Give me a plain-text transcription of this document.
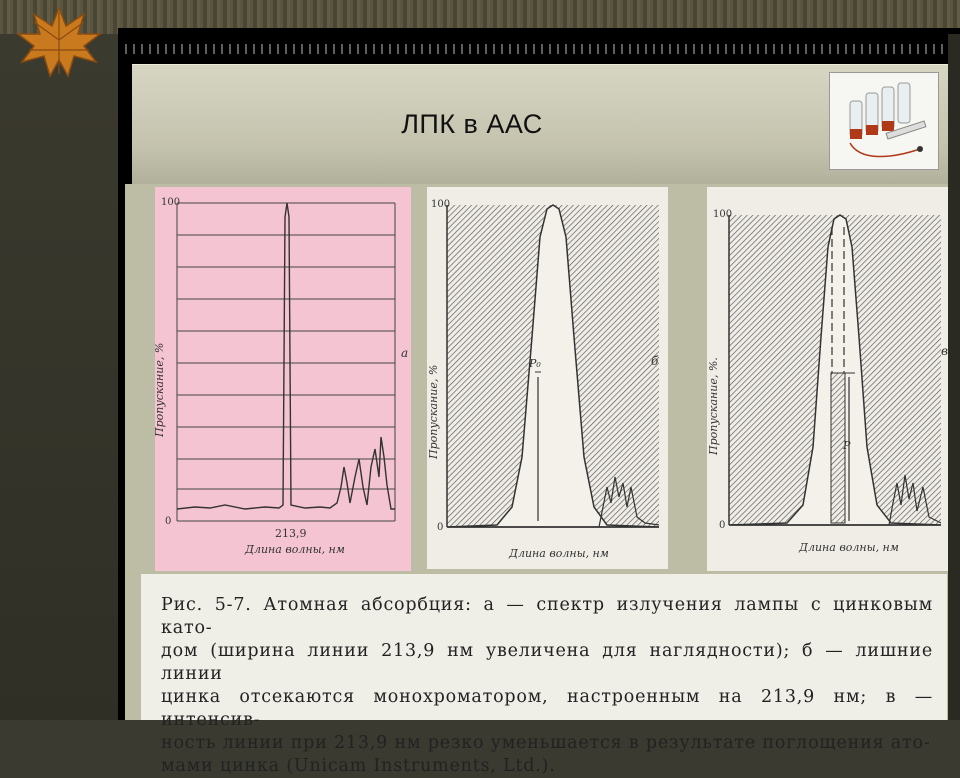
ЛПК в ААС
100
0
213,9
Длина волны, нм
Пропускание, %	а
100
0
P₀
Длина волны, нм
Пропускание, %
б
100
0
P
Длина волны, нм
Пропускание, %.
в
Рис. 5-7. Атомная абсорбция: а — спектр излучения лампы с цинковым като-
дом (ширина линии 213,9 нм увеличена для наглядности); б — лишние линии
цинка отсекаются монохроматором, настроенным на 213,9 нм; в — интенсив-
ность линии при 213,9 нм резко уменьшается в результате поглощения ато-
мами цинка (Unicam Instruments, Ltd.).
